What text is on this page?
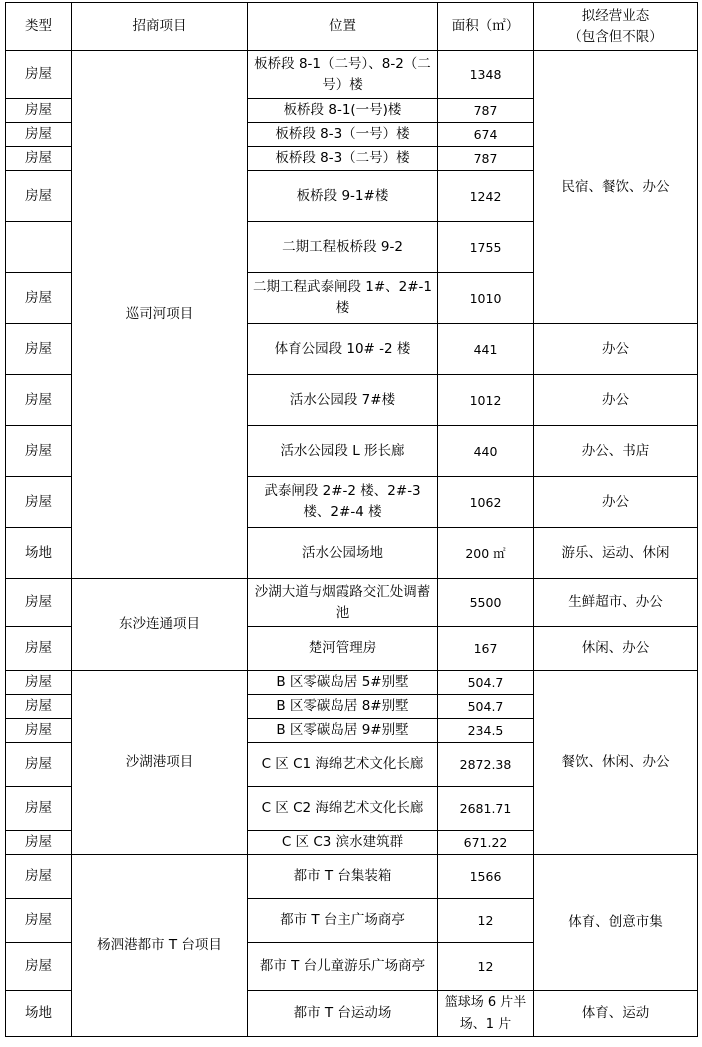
类型	招商项目	位置	面积（㎡）	拟经营业态
（包含但不限）

房屋	巡司河项目	板桥段 8-1（二号）、8-2（二号）楼	1348	民宿、餐饮、办公
房屋		板桥段 8-1(一号)楼	787	
房屋		板桥段 8-3（一号）楼	674	
房屋		板桥段 8-3（二号）楼	787	
房屋		板桥段 9-1#楼	1242	
		二期工程板桥段 9-2	1755	
房屋		二期工程武泰闸段 1#、2#-1 楼	1010	
房屋		体育公园段 10# -2 楼	441	办公
房屋		活水公园段 7#楼	1012	办公
房屋		活水公园段 L 形长廊	440	办公、书店
房屋		武泰闸段 2#-2 楼、2#-3 楼、2#-4 楼	1062	办公
场地		活水公园场地	200 ㎡	游乐、运动、休闲
房屋	东沙连通项目	沙湖大道与烟霞路交汇处调蓄池	5500	生鲜超市、办公
房屋		楚河管理房	167	休闲、办公
房屋	沙湖港项目	B 区零碳岛居 5#别墅	504.7	餐饮、休闲、办公
房屋		B 区零碳岛居 8#别墅	504.7	
房屋		B 区零碳岛居 9#别墅	234.5	
房屋		C 区 C1 海绵艺术文化长廊	2872.38	
房屋		C 区 C2 海绵艺术文化长廊	2681.71	
房屋		C 区 C3 滨水建筑群	671.22	
房屋	杨泗港都市 T 台项目	都市 T 台集装箱	1566	体育、创意市集
房屋		都市 T 台主广场商亭	12	
房屋		都市 T 台儿童游乐广场商亭	12	
场地		都市 T 台运动场	篮球场 6 片半场、1 片	体育、运动
